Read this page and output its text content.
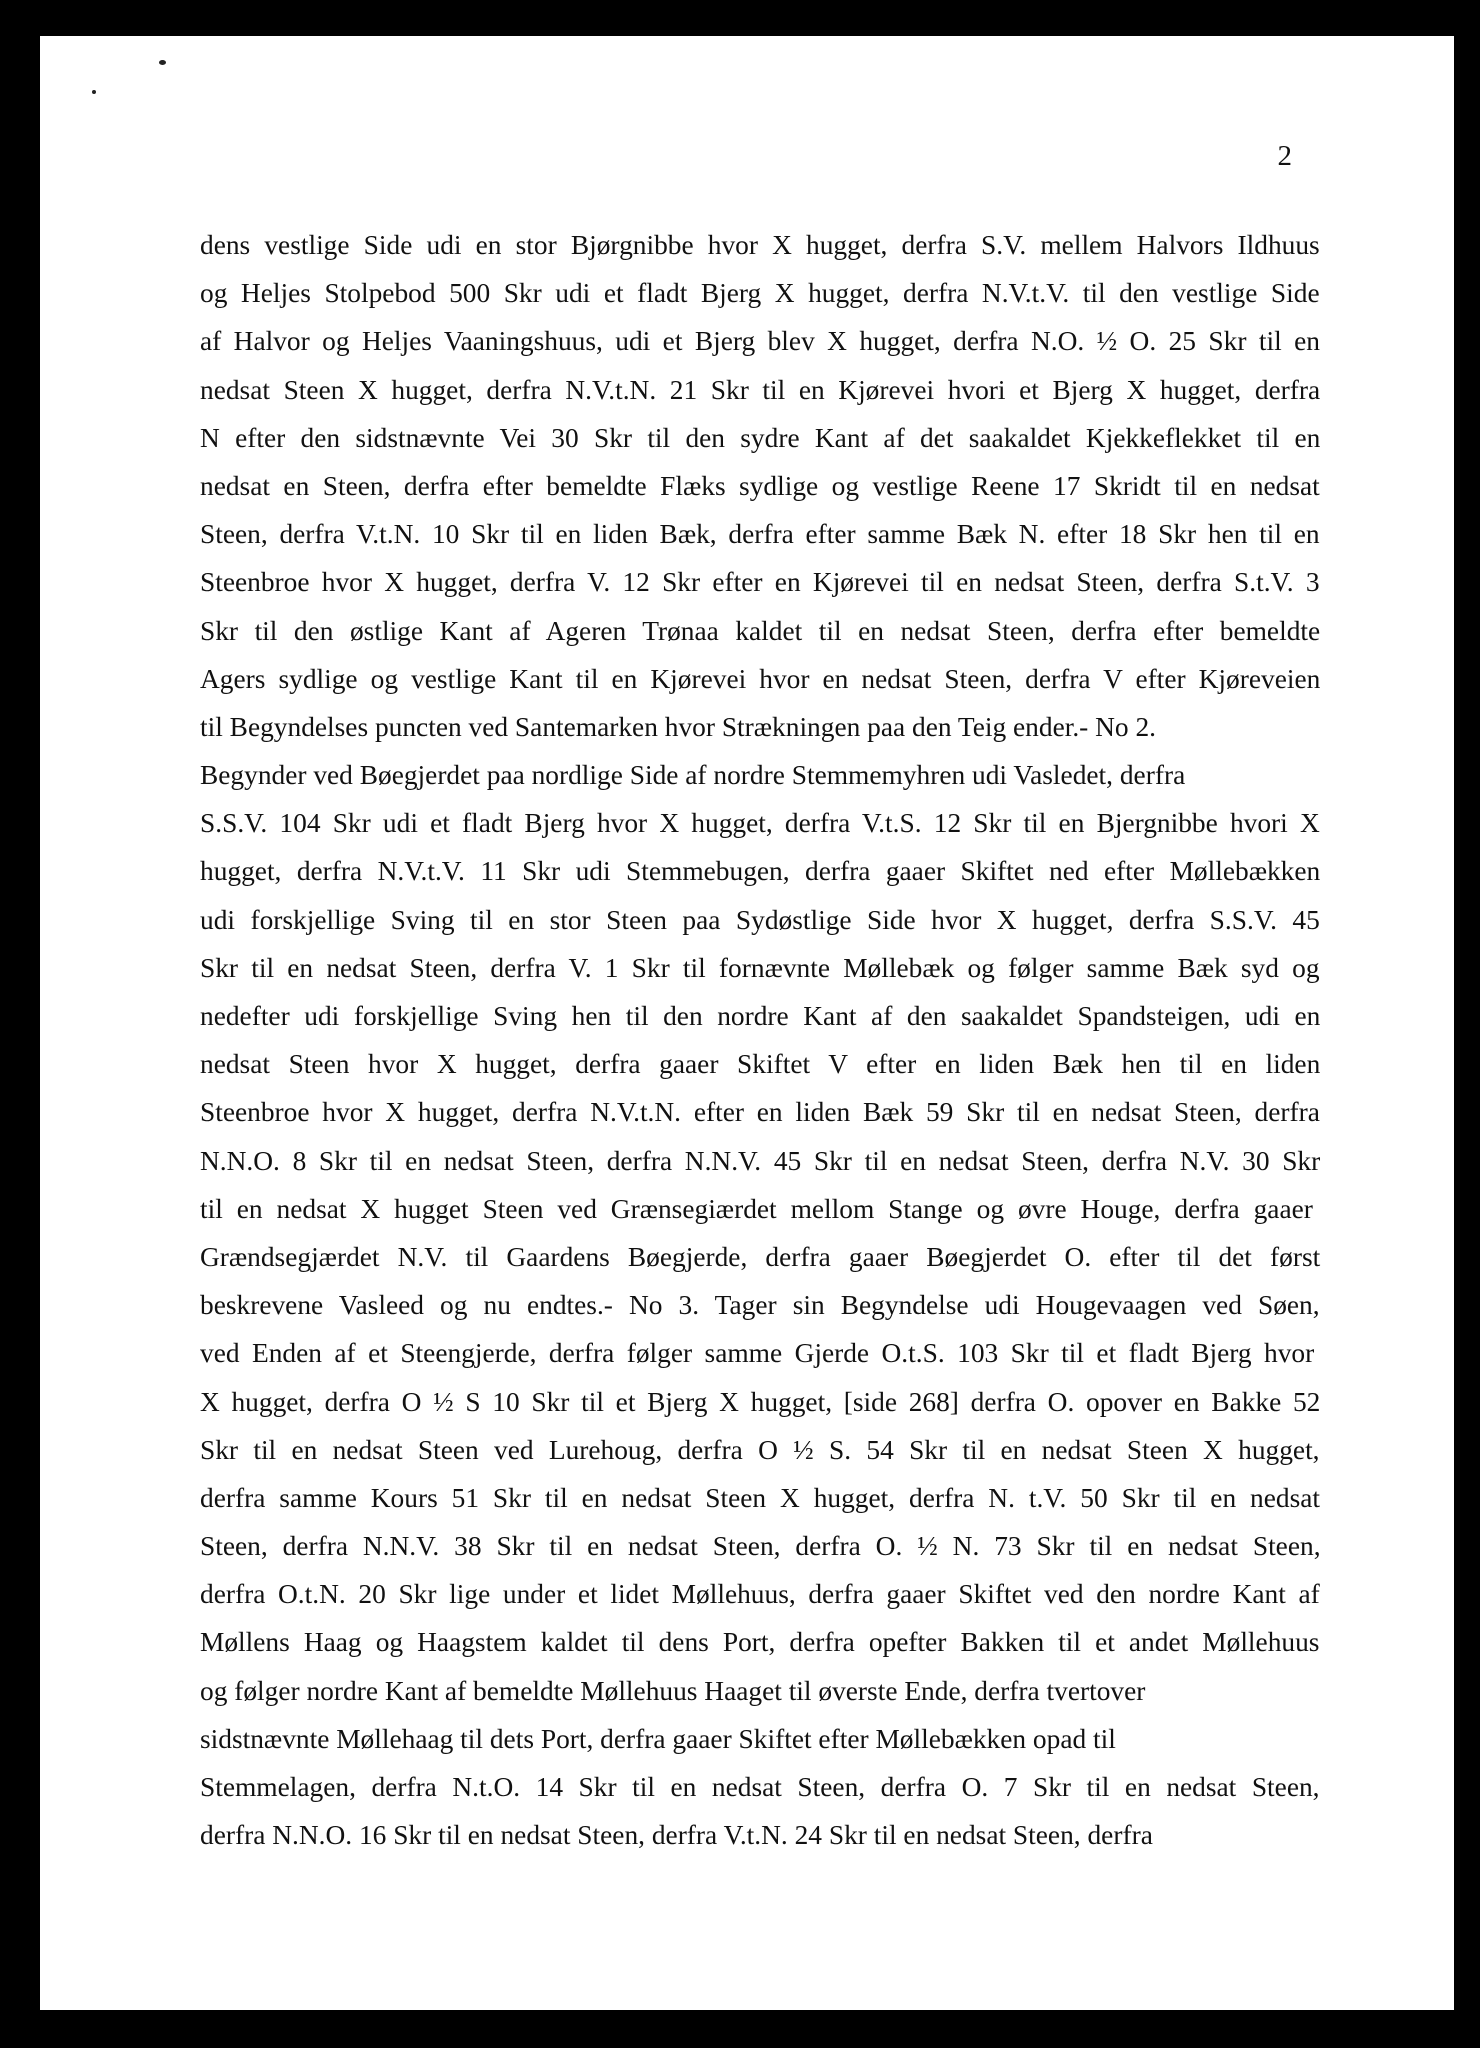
2
dens vestlige Side udi en stor Bjørgnibbe hvor X hugget, derfra S.V. mellem Halvors Ildhuus
og Heljes Stolpebod 500 Skr udi et fladt Bjerg X hugget, derfra N.V.t.V. til den vestlige Side
af Halvor og Heljes Vaaningshuus, udi et Bjerg blev X hugget, derfra N.O. ½ O. 25 Skr til en
nedsat Steen X hugget, derfra N.V.t.N. 21 Skr til en Kjørevei hvori et Bjerg X hugget, derfra
N efter den sidstnævnte Vei 30 Skr til den sydre Kant af det saakaldet Kjekkeflekket til en
nedsat en Steen, derfra efter bemeldte Flæks sydlige og vestlige Reene 17 Skridt til en nedsat
Steen, derfra V.t.N. 10 Skr til en liden Bæk, derfra efter samme Bæk N. efter 18 Skr hen til en
Steenbroe hvor X hugget, derfra V. 12 Skr efter en Kjørevei til en nedsat Steen, derfra S.t.V. 3
Skr til den østlige Kant af Ageren Trønaa kaldet til en nedsat Steen, derfra efter bemeldte
Agers sydlige og vestlige Kant til en Kjørevei hvor en nedsat Steen, derfra V efter Kjøreveien
til Begyndelses puncten ved Santemarken hvor Strækningen paa den Teig ender.- No 2.
Begynder ved Bøegjerdet paa nordlige Side af nordre Stemmemyhren udi Vasledet, derfra
S.S.V. 104 Skr udi et fladt Bjerg hvor X hugget, derfra V.t.S. 12 Skr til en Bjergnibbe hvori X
hugget, derfra N.V.t.V. 11 Skr udi Stemmebugen, derfra gaaer Skiftet ned efter Møllebækken
udi forskjellige Sving til en stor Steen paa Sydøstlige Side hvor X hugget, derfra S.S.V. 45
Skr til en nedsat Steen, derfra V. 1 Skr til fornævnte Møllebæk og følger samme Bæk syd og
nedefter udi forskjellige Sving hen til den nordre Kant af den saakaldet Spandsteigen, udi en
nedsat Steen hvor X hugget, derfra gaaer Skiftet V efter en liden Bæk hen til en liden
Steenbroe hvor X hugget, derfra N.V.t.N. efter en liden Bæk 59 Skr til en nedsat Steen, derfra
N.N.O. 8 Skr til en nedsat Steen, derfra N.N.V. 45 Skr til en nedsat Steen, derfra N.V. 30 Skr
til en nedsat X hugget Steen ved Grænsegiærdet mellom Stange og øvre Houge, derfra gaaer
Grændsegjærdet N.V. til Gaardens Bøegjerde, derfra gaaer Bøegjerdet O. efter til det først
beskrevene Vasleed og nu endtes.- No 3. Tager sin Begyndelse udi Hougevaagen ved Søen,
ved Enden af et Steengjerde, derfra følger samme Gjerde O.t.S. 103 Skr til et fladt Bjerg hvor
X hugget, derfra O ½ S 10 Skr til et Bjerg X hugget, [side 268] derfra O. opover en Bakke 52
Skr til en nedsat Steen ved Lurehoug, derfra O ½ S. 54 Skr til en nedsat Steen X hugget,
derfra samme Kours 51 Skr til en nedsat Steen X hugget, derfra N. t.V. 50 Skr til en nedsat
Steen, derfra N.N.V. 38 Skr til en nedsat Steen, derfra O. ½ N. 73 Skr til en nedsat Steen,
derfra O.t.N. 20 Skr lige under et lidet Møllehuus, derfra gaaer Skiftet ved den nordre Kant af
Møllens Haag og Haagstem kaldet til dens Port, derfra opefter Bakken til et andet Møllehuus
og følger nordre Kant af bemeldte Møllehuus Haaget til øverste Ende, derfra tvertover
sidstnævnte Møllehaag til dets Port, derfra gaaer Skiftet efter Møllebækken opad til
Stemmelagen, derfra N.t.O. 14 Skr til en nedsat Steen, derfra O. 7 Skr til en nedsat Steen,
derfra N.N.O. 16 Skr til en nedsat Steen, derfra V.t.N. 24 Skr til en nedsat Steen, derfra
